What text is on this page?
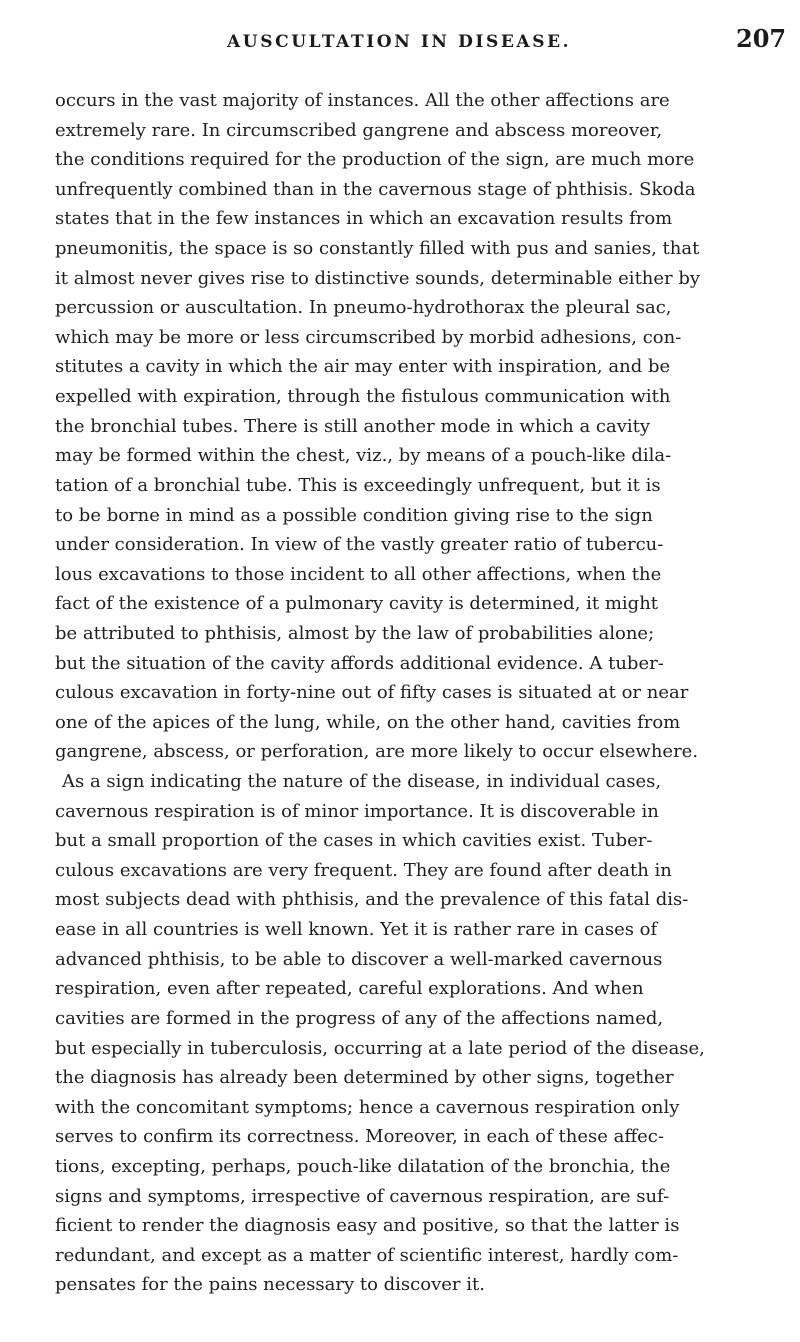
AUSCULTATION IN DISEASE.	207
occurs in the vast majority of instances. All the other affections are
extremely rare. In circumscribed gangrene and abscess moreover,
the conditions required for the production of the sign, are much more
unfrequently combined than in the cavernous stage of phthisis. Skoda
states that in the few instances in which an excavation results from
pneumonitis, the space is so constantly filled with pus and sanies, that
it almost never gives rise to distinctive sounds, determinable either by
percussion or auscultation. In pneumo-hydrothorax the pleural sac,
which may be more or less circumscribed by morbid adhesions, con-
stitutes a cavity in which the air may enter with inspiration, and be
expelled with expiration, through the fistulous communication with
the bronchial tubes. There is still another mode in which a cavity
may be formed within the chest, viz., by means of a pouch-like dila-
tation of a bronchial tube. This is exceedingly unfrequent, but it is
to be borne in mind as a possible condition giving rise to the sign
under consideration. In view of the vastly greater ratio of tubercu-
lous excavations to those incident to all other affections, when the
fact of the existence of a pulmonary cavity is determined, it might
be attributed to phthisis, almost by the law of probabilities alone;
but the situation of the cavity affords additional evidence. A tuber-
culous excavation in forty-nine out of fifty cases is situated at or near
one of the apices of the lung, while, on the other hand, cavities from
gangrene, abscess, or perforation, are more likely to occur elsewhere.
As a sign indicating the nature of the disease, in individual cases,
cavernous respiration is of minor importance. It is discoverable in
but a small proportion of the cases in which cavities exist. Tuber-
culous excavations are very frequent. They are found after death in
most subjects dead with phthisis, and the prevalence of this fatal dis-
ease in all countries is well known. Yet it is rather rare in cases of
advanced phthisis, to be able to discover a well-marked cavernous
respiration, even after repeated, careful explorations. And when
cavities are formed in the progress of any of the affections named,
but especially in tuberculosis, occurring at a late period of the disease,
the diagnosis has already been determined by other signs, together
with the concomitant symptoms; hence a cavernous respiration only
serves to confirm its correctness. Moreover, in each of these affec-
tions, excepting, perhaps, pouch-like dilatation of the bronchia, the
signs and symptoms, irrespective of cavernous respiration, are suf-
ficient to render the diagnosis easy and positive, so that the latter is
redundant, and except as a matter of scientific interest, hardly com-
pensates for the pains necessary to discover it.
